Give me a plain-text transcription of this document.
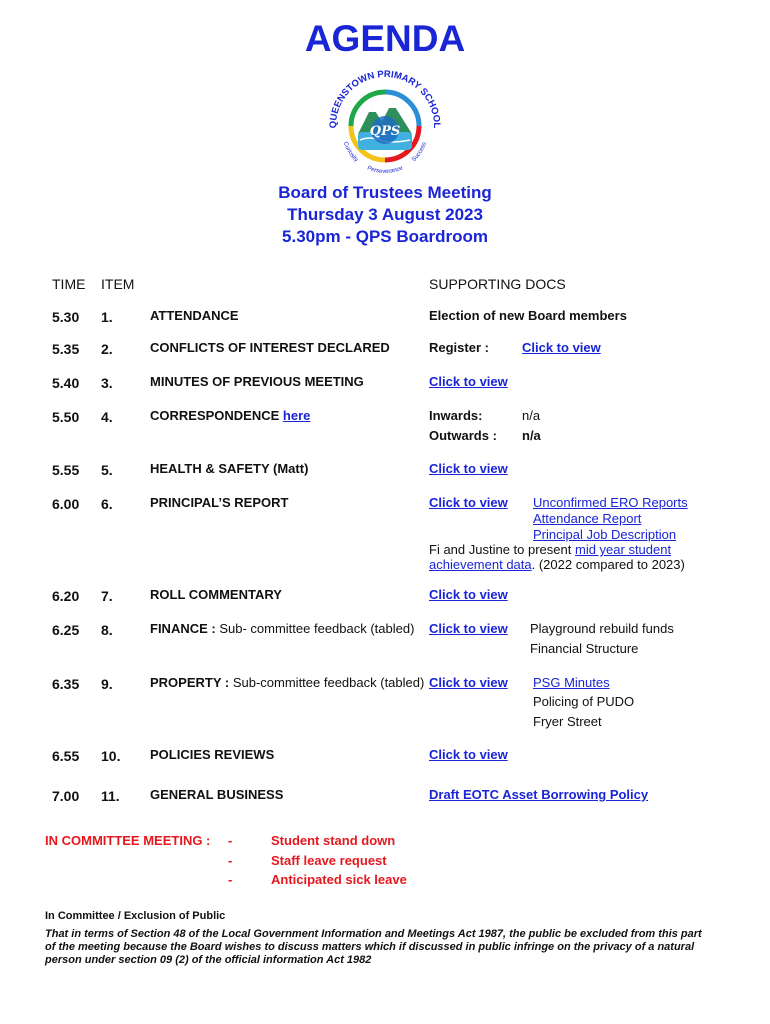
AGENDA
QPS
QUEENSTOWN PRIMARY SCHOOL
Curiosity
Perseverance
Success
Board of Trustees Meeting
Thursday 3 August 2023
5.30pm - QPS Boardroom
TIME ITEM	SUPPORTING DOCS
5.30 1.	ATTENDANCE	Election of new Board members
5.35 2.	CONFLICTS OF INTEREST DECLARED	Register :	Click to view
5.40 3.	MINUTES OF PREVIOUS MEETING	Click to view
5.50 4.	CORRESPONDENCE here	Inwards:	n/a
Outwards : n/a
5.55 5.	HEALTH & SAFETY (Matt)	Click to view
6.00 6.	PRINCIPAL’S REPORT	Click to view Unconfirmed ERO Reports
Attendance Report
Principal Job Description
Fi and Justine to present mid year student
achievement data. (2022 compared to 2023)
6.20 7.	ROLL COMMENTARY	Click to view
6.25 8.	FINANCE : Sub- committee feedback (tabled) Click to view Playground rebuild funds
Financial Structure
6.35 9.	PROPERTY : Sub-committee feedback (tabled) Click to view PSG Minutes
Policing of PUDO
Fryer Street
6.55 10. POLICIES REVIEWS	Click to view
7.00 11. GENERAL BUSINESS	Draft EOTC Asset Borrowing Policy
IN COMMITTEE MEETING : -
-
-
Student stand down
Staff leave request
Anticipated sick leave
In Committee / Exclusion of Public
That in terms of Section 48 of the Local Government Information and Meetings Act 1987, the public be excluded from this part
of the meeting because the Board wishes to discuss matters which if discussed in public infringe on the privacy of a natural
person under section 09 (2) of the official information Act 1982
